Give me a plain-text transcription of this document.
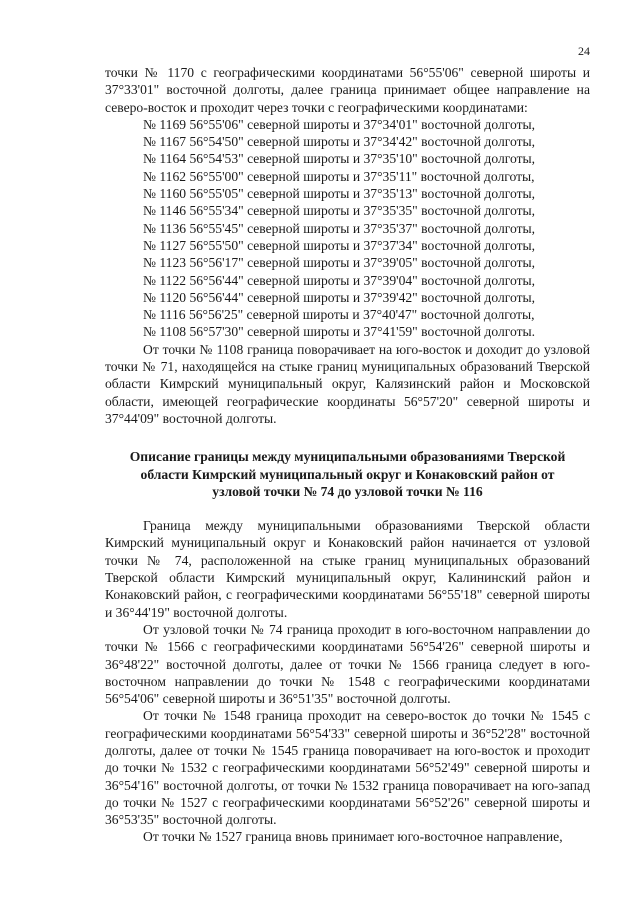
24

точки № 1170 с географическими координатами 56°55'06" северной широты и 37°33'01" восточной долготы, далее граница принимает общее направление на северо-восток и проходит через точки с географическими координатами:

№ 1169 56°55'06" северной широты и 37°34'01" восточной долготы,
№ 1167 56°54'50" северной широты и 37°34'42" восточной долготы,
№ 1164 56°54'53" северной широты и 37°35'10" восточной долготы,
№ 1162 56°55'00" северной широты и 37°35'11" восточной долготы,
№ 1160 56°55'05" северной широты и 37°35'13" восточной долготы,
№ 1146 56°55'34" северной широты и 37°35'35" восточной долготы,
№ 1136 56°55'45" северной широты и 37°35'37" восточной долготы,
№ 1127 56°55'50" северной широты и 37°37'34" восточной долготы,
№ 1123 56°56'17" северной широты и 37°39'05" восточной долготы,
№ 1122 56°56'44" северной широты и 37°39'04" восточной долготы,
№ 1120 56°56'44" северной широты и 37°39'42" восточной долготы,
№ 1116 56°56'25" северной широты и 37°40'47" восточной долготы,
№ 1108 56°57'30" северной широты и 37°41'59" восточной долготы.

От точки № 1108 граница поворачивает на юго-восток и доходит до узловой точки № 71, находящейся на стыке границ муниципальных образований Тверской области Кимрский муниципальный округ, Калязинский район и Московской области, имеющей географические координаты 56°57'20" северной широты и 37°44'09" восточной долготы.

Описание границы между муниципальными образованиями Тверской области Кимрский муниципальный округ и Конаковский район от узловой точки № 74 до узловой точки № 116

Граница между муниципальными образованиями Тверской области Кимрский муниципальный округ и Конаковский район начинается от узловой точки № 74, расположенной на стыке границ муниципальных образований Тверской области Кимрский муниципальный округ, Калининский район и Конаковский район, с географическими координатами 56°55'18" северной широты и 36°44'19" восточной долготы.

От узловой точки № 74 граница проходит в юго-восточном направлении до точки № 1566 с географическими координатами 56°54'26" северной широты и 36°48'22" восточной долготы, далее от точки № 1566 граница следует в юго-восточном направлении до точки № 1548 с географическими координатами 56°54'06" северной широты и 36°51'35" восточной долготы.

От точки № 1548 граница проходит на северо-восток до точки № 1545 с географическими координатами 56°54'33" северной широты и 36°52'28" восточной долготы, далее от точки № 1545 граница поворачивает на юго-восток и проходит до точки № 1532 с географическими координатами 56°52'49" северной широты и 36°54'16" восточной долготы, от точки № 1532 граница поворачивает на юго-запад до точки № 1527 с географическими координатами 56°52'26" северной широты и 36°53'35" восточной долготы.

От точки № 1527 граница вновь принимает юго-восточное направление,
